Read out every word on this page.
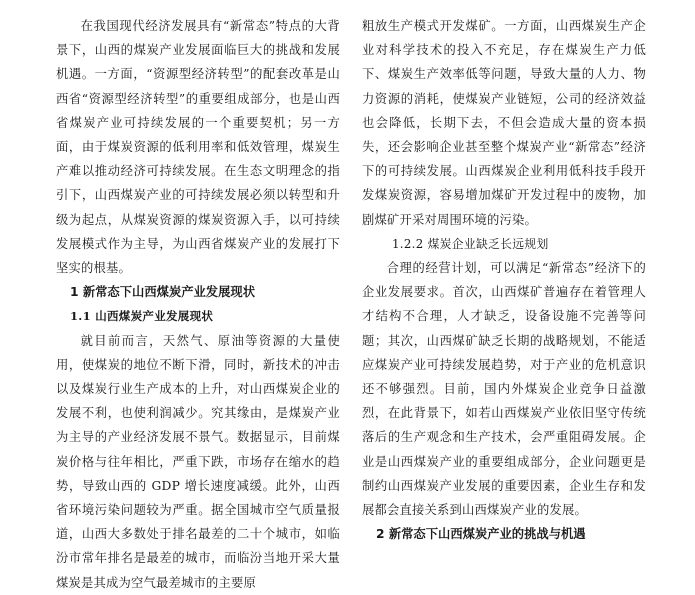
在我国现代经济发展具有“新常态”特点的大背景下，山西的煤炭产业发展面临巨大的挑战和发展机遇。一方面，“资源型经济转型”的配套改革是山西省“资源型经济转型”的重要组成部分，也是山西省煤炭产业可持续发展的一个重要契机；另一方面，由于煤炭资源的低利用率和低效管理，煤炭生产难以推动经济可持续发展。在生态文明理念的指引下，山西煤炭产业的可持续发展必须以转型和升级为起点，从煤炭资源的煤炭资源入手，以可持续发展模式作为主导，为山西省煤炭产业的发展打下坚实的根基。

1 新常态下山西煤炭产业发展现状

1.1 山西煤炭产业发展现状

就目前而言，天然气、原油等资源的大量使用，使煤炭的地位不断下滑，同时，新技术的冲击以及煤炭行业生产成本的上升，对山西煤炭企业的发展不利，也使利润减少。究其缘由，是煤炭产业为主导的产业经济发展不景气。数据显示，目前煤炭价格与往年相比，严重下跌，市场存在缩水的趋势，导致山西的 GDP 增长速度减缓。此外，山西省环境污染问题较为严重。据全国城市空气质量报道，山西大多数处于排名最差的二十个城市，如临汾市常年排名是最差的城市，而临汾当地开采大量煤炭是其成为空气最差城市的主要原

粗放生产模式开发煤矿。一方面，山西煤炭生产企业对科学技术的投入不充足，存在煤炭生产力低下、煤炭生产效率低等问题，导致大量的人力、物力资源的消耗，使煤炭产业链短，公司的经济效益也会降低，长期下去，不但会造成大量的资本损失，还会影响企业甚至整个煤炭产业“新常态”经济下的可持续发展。山西煤炭企业利用低科技手段开发煤炭资源，容易增加煤矿开发过程中的废物，加剧煤矿开采对周围环境的污染。

1.2.2 煤炭企业缺乏长远规划

合理的经营计划，可以满足“新常态”经济下的企业发展要求。首次，山西煤矿普遍存在着管理人才结构不合理，人才缺乏，设备设施不完善等问题；其次，山西煤矿缺乏长期的战略规划，不能适应煤炭产业可持续发展趋势，对于产业的危机意识还不够强烈。目前，国内外煤炭企业竞争日益激烈，在此背景下，如若山西煤炭产业依旧坚守传统落后的生产观念和生产技术，会严重阻碍发展。企业是山西煤炭产业的重要组成部分，企业问题更是制约山西煤炭产业发展的重要因素，企业生存和发展都会直接关系到山西煤炭产业的发展。

2 新常态下山西煤炭产业的挑战与机遇
